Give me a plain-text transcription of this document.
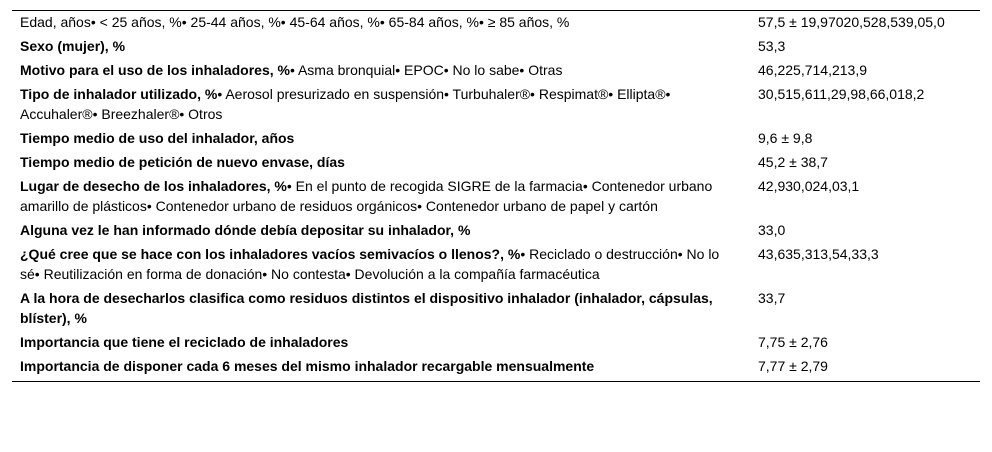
Edad, años• < 25 años, %• 25-44 años, %• 45-64 años, %• 65-84 años, %• ≥ 85 años, %	57,5 ± 19,97020,528,539,05,0
Sexo (mujer), %	53,3
Motivo para el uso de los inhaladores, %• Asma bronquial• EPOC• No lo sabe• Otras	46,225,714,213,9
Tipo de inhalador utilizado, %• Aerosol presurizado en suspensión• Turbuhaler®• Respimat®• Ellipta®• Accuhaler®• Breezhaler®• Otros	30,515,611,29,98,66,018,2
Tiempo medio de uso del inhalador, años	9,6 ± 9,8
Tiempo medio de petición de nuevo envase, días	45,2 ± 38,7
Lugar de desecho de los inhaladores, %• En el punto de recogida SIGRE de la farmacia• Contenedor urbano amarillo de plásticos• Contenedor urbano de residuos orgánicos• Contenedor urbano de papel y cartón	42,930,024,03,1
Alguna vez le han informado dónde debía depositar su inhalador, %	33,0
¿Qué cree que se hace con los inhaladores vacíos semivacíos o llenos?, %• Reciclado o destrucción• No lo sé• Reutilización en forma de donación• No contesta• Devolución a la compañía farmacéutica	43,635,313,54,33,3
A la hora de desecharlos clasifica como residuos distintos el dispositivo inhalador (inhalador, cápsulas, blíster), %	33,7
Importancia que tiene el reciclado de inhaladores	7,75 ± 2,76
Importancia de disponer cada 6 meses del mismo inhalador recargable mensualmente	7,77 ± 2,79
